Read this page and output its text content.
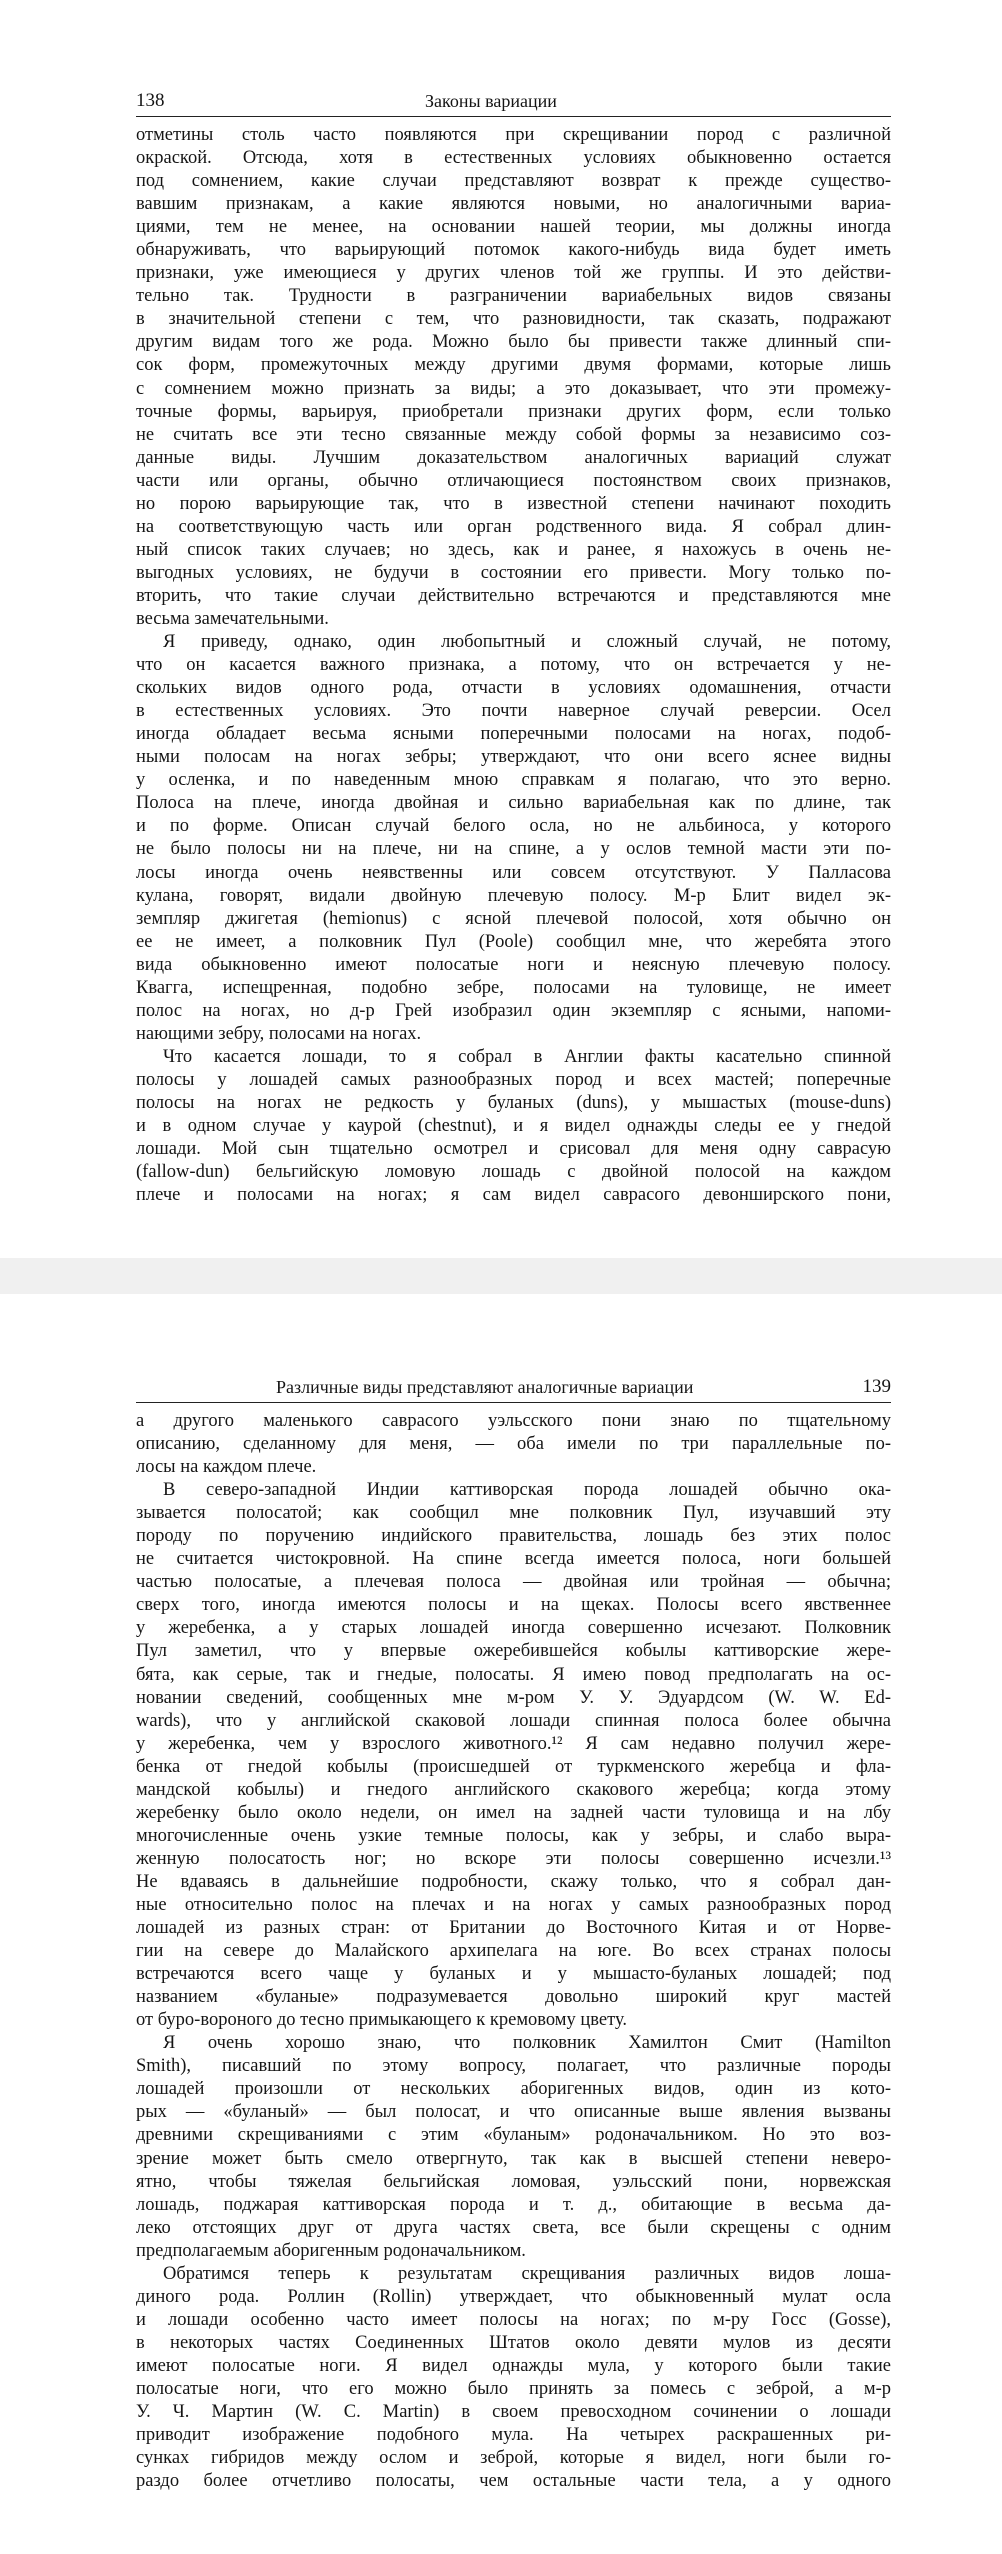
138	Законы вариации
отметины столь часто появляются при скрещивании пород с различной
окраской. Отсюда, хотя в естественных условиях обыкновенно остается
под сомнением, какие случаи представляют возврат к прежде существо-
вавшим признакам, а какие являются новыми, но аналогичными вариа-
циями, тем не менее, на основании нашей теории, мы должны иногда
обнаруживать, что варьирующий потомок какого-нибудь вида будет иметь
признаки, уже имеющиеся у других членов той же группы. И это действи-
тельно так. Трудности в разграничении вариабельных видов связаны
в значительной степени с тем, что разновидности, так сказать, подражают
другим видам того же рода. Можно было бы привести также длинный спи-
сок форм, промежуточных между другими двумя формами, которые лишь
с сомнением можно признать за виды; а это доказывает, что эти промежу-
точные формы, варьируя, приобретали признаки других форм, если только
не считать все эти тесно связанные между собой формы за независимо соз-
данные виды. Лучшим доказательством аналогичных вариаций служат
части или органы, обычно отличающиеся постоянством своих признаков,
но порою варьирующие так, что в известной степени начинают походить
на соответствующую часть или орган родственного вида. Я собрал длин-
ный список таких случаев; но здесь, как и ранее, я нахожусь в очень не-
выгодных условиях, не будучи в состоянии его привести. Могу только по-
вторить, что такие случаи действительно встречаются и представляются мне
весьма замечательными.
Я приведу, однако, один любопытный и сложный случай, не потому,
что он касается важного признака, а потому, что он встречается у не-
скольких видов одного рода, отчасти в условиях одомашнения, отчасти
в естественных условиях. Это почти наверное случай реверсии. Осел
иногда обладает весьма ясными поперечными полосами на ногах, подоб-
ными полосам на ногах зебры; утверждают, что они всего яснее видны
у осленка, и по наведенным мною справкам я полагаю, что это верно.
Полоса на плече, иногда двойная и сильно вариабельная как по длине, так
и по форме. Описан случай белого осла, но не альбиноса, у которого
не было полосы ни на плече, ни на спине, а у ослов темной масти эти по-
лосы иногда очень неявственны или совсем отсутствуют. У Палласова
кулана, говорят, видали двойную плечевую полосу. М-р Блит видел эк-
земпляр джигетая (hemionus) с ясной плечевой полосой, хотя обычно он
ее не имеет, а полковник Пул (Poole) сообщил мне, что жеребята этого
вида обыкновенно имеют полосатые ноги и неясную плечевую полосу.
Квагга, испещренная, подобно зебре, полосами на туловище, не имеет
полос на ногах, но д-р Грей изобразил один экземпляр с ясными, напоми-
нающими зебру, полосами на ногах.
Что касается лошади, то я собрал в Англии факты касательно спинной
полосы у лошадей самых разнообразных пород и всех мастей; поперечные
полосы на ногах не редкость у буланых (duns), у мышастых (mouse-duns)
и в одном случае у каурой (chestnut), и я видел однажды следы ее у гнедой
лошади. Мой сын тщательно осмотрел и срисовал для меня одну саврасую
(fallow-dun) бельгийскую ломовую лошадь с двойной полосой на каждом
плече и полосами на ногах; я сам видел саврасого девонширского пони,
Различные виды представляют аналогичные вариации	139
а другого маленького саврасого уэльсского пони знаю по тщательному
описанию, сделанному для меня, — оба имели по три параллельные по-
лосы на каждом плече.
В северо-западной Индии каттиворская порода лошадей обычно ока-
зывается полосатой; как сообщил мне полковник Пул, изучавший эту
породу по поручению индийского правительства, лошадь без этих полос
не считается чистокровной. На спине всегда имеется полоса, ноги большей
частью полосатые, а плечевая полоса — двойная или тройная — обычна;
сверх того, иногда имеются полосы и на щеках. Полосы всего явственнее
у жеребенка, а у старых лошадей иногда совершенно исчезают. Полковник
Пул заметил, что у впервые ожеребившейся кобылы каттиворские жере-
бята, как серые, так и гнедые, полосаты. Я имею повод предполагать на ос-
новании сведений, сообщенных мне м-ром У. У. Эдуардсом (W. W. Ed-
wards), что у английской скаковой лошади спинная полоса более обычна
у жеребенка, чем у взрослого животного.¹² Я сам недавно получил жере-
бенка от гнедой кобылы (происшедшей от туркменского жеребца и фла-
мандской кобылы) и гнедого английского скакового жеребца; когда этому
жеребенку было около недели, он имел на задней части туловища и на лбу
многочисленные очень узкие темные полосы, как у зебры, и слабо выра-
женную полосатость ног; но вскоре эти полосы совершенно исчезли.¹³
Не вдаваясь в дальнейшие подробности, скажу только, что я собрал дан-
ные относительно полос на плечах и на ногах у самых разнообразных пород
лошадей из разных стран: от Британии до Восточного Китая и от Норве-
гии на севере до Малайского архипелага на юге. Во всех странах полосы
встречаются всего чаще у буланых и у мышасто-буланых лошадей; под
названием «буланые» подразумевается довольно широкий круг мастей
от буро-вороного до тесно примыкающего к кремовому цвету.
Я очень хорошо знаю, что полковник Хамилтон Смит (Hamilton
Smith), писавший по этому вопросу, полагает, что различные породы
лошадей произошли от нескольких аборигенных видов, один из кото-
рых — «буланый» — был полосат, и что описанные выше явления вызваны
древними скрещиваниями с этим «буланым» родоначальником. Но это воз-
зрение может быть смело отвергнуто, так как в высшей степени неверо-
ятно, чтобы тяжелая бельгийская ломовая, уэльсский пони, норвежская
лошадь, поджарая каттиворская порода и т. д., обитающие в весьма да-
леко отстоящих друг от друга частях света, все были скрещены с одним
предполагаемым аборигенным родоначальником.
Обратимся теперь к результатам скрещивания различных видов лоша-
диного рода. Роллин (Rollin) утверждает, что обыкновенный мулат осла
и лошади особенно часто имеет полосы на ногах; по м-ру Госс (Gosse),
в некоторых частях Соединенных Штатов около девяти мулов из десяти
имеют полосатые ноги. Я видел однажды мула, у которого были такие
полосатые ноги, что его можно было принять за помесь с зеброй, а м-р
У. Ч. Мартин (W. C. Martin) в своем превосходном сочинении о лошади
приводит изображение подобного мула. На четырех раскрашенных ри-
сунках гибридов между ослом и зеброй, которые я видел, ноги были го-
раздо более отчетливо полосаты, чем остальные части тела, а у одного
